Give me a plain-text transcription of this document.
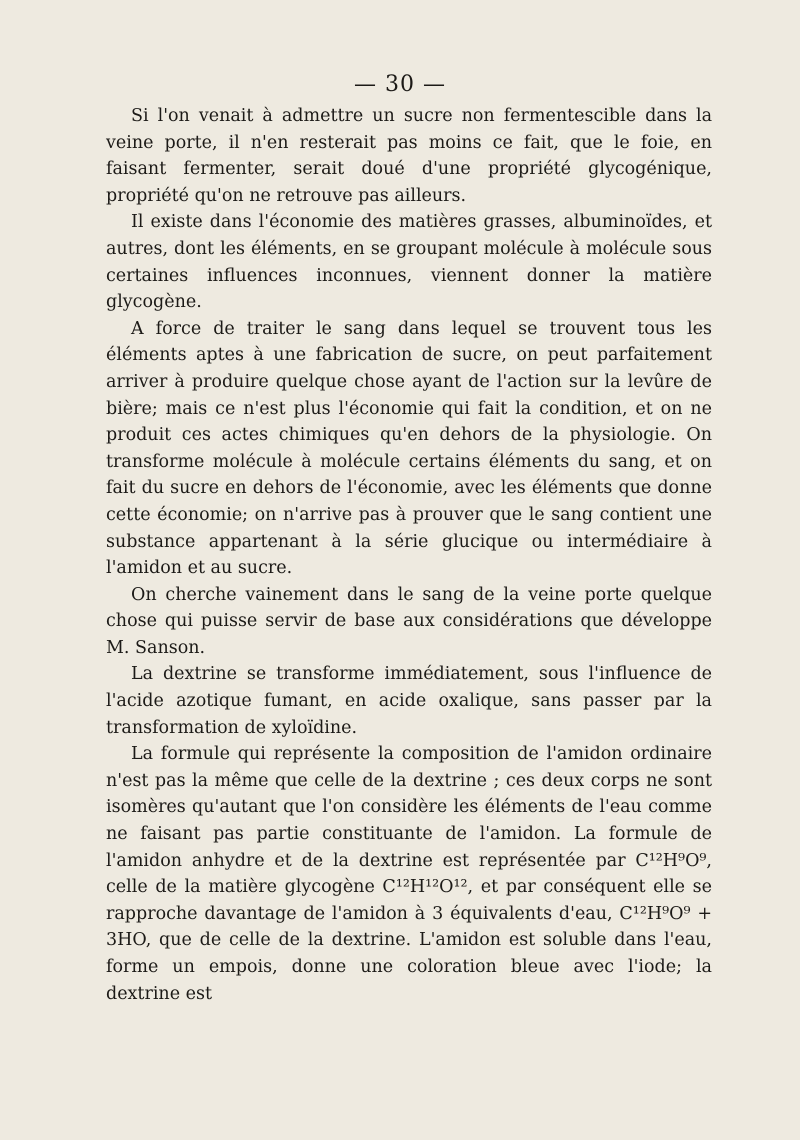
— 30 —

Si l'on venait à admettre un sucre non fermentescible dans la veine porte, il n'en resterait pas moins ce fait, que le foie, en faisant fermenter, serait doué d'une propriété glycogénique, propriété qu'on ne retrouve pas ailleurs.

Il existe dans l'économie des matières grasses, albuminoïdes, et autres, dont les éléments, en se groupant molécule à molécule sous certaines influences inconnues, viennent donner la matière glycogène.

A force de traiter le sang dans lequel se trouvent tous les éléments aptes à une fabrication de sucre, on peut parfaitement arriver à produire quelque chose ayant de l'action sur la levûre de bière; mais ce n'est plus l'économie qui fait la condition, et on ne produit ces actes chimiques qu'en dehors de la physiologie. On transforme molécule à molécule certains éléments du sang, et on fait du sucre en dehors de l'économie, avec les éléments que donne cette économie; on n'arrive pas à prouver que le sang contient une substance appartenant à la série glucique ou intermédiaire à l'amidon et au sucre.

On cherche vainement dans le sang de la veine porte quelque chose qui puisse servir de base aux considérations que développe M. Sanson.

La dextrine se transforme immédiatement, sous l'influence de l'acide azotique fumant, en acide oxalique, sans passer par la transformation de xyloïdine.

La formule qui représente la composition de l'amidon ordinaire n'est pas la même que celle de la dextrine ; ces deux corps ne sont isomères qu'autant que l'on considère les éléments de l'eau comme ne faisant pas partie constituante de l'amidon. La formule de l'amidon anhydre et de la dextrine est représentée par C¹²H⁹O⁹, celle de la matière glycogène C¹²H¹²O¹², et par conséquent elle se rapproche davantage de l'amidon à 3 équivalents d'eau, C¹²H⁹O⁹ + 3HO, que de celle de la dextrine. L'amidon est soluble dans l'eau, forme un empois, donne une coloration bleue avec l'iode; la dextrine est
